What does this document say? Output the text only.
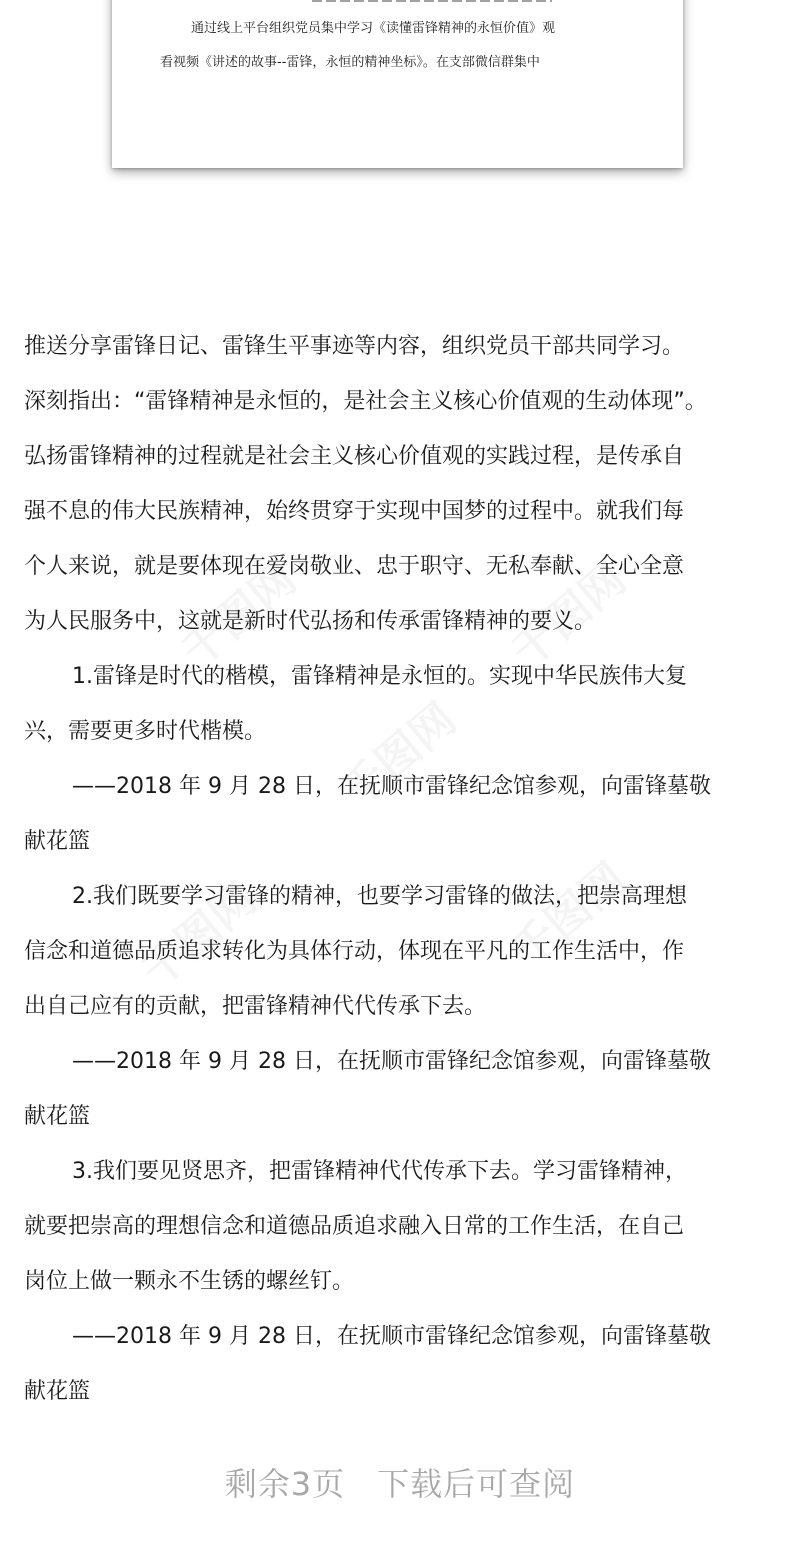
通过线上平台组织党员集中学习《读懂雷锋精神的永恒价值》观
看视频《讲述的故事--雷锋，永恒的精神坐标》。在支部微信群集中
推送分享雷锋日记、雷锋生平事迹等内容，组织党员干部共同学习。
深刻指出：“雷锋精神是永恒的，是社会主义核心价值观的生动体现”。
弘扬雷锋精神的过程就是社会主义核心价值观的实践过程，是传承自
强不息的伟大民族精神，始终贯穿于实现中国梦的过程中。就我们每
个人来说，就是要体现在爱岗敬业、忠于职守、无私奉献、全心全意
为人民服务中，这就是新时代弘扬和传承雷锋精神的要义。
1.雷锋是时代的楷模，雷锋精神是永恒的。实现中华民族伟大复
兴，需要更多时代楷模。
——2018 年 9 月 28 日，在抚顺市雷锋纪念馆参观，向雷锋墓敬
献花篮
2.我们既要学习雷锋的精神，也要学习雷锋的做法，把崇高理想
信念和道德品质追求转化为具体行动，体现在平凡的工作生活中，作
出自己应有的贡献，把雷锋精神代代传承下去。
——2018 年 9 月 28 日，在抚顺市雷锋纪念馆参观，向雷锋墓敬
献花篮
3.我们要见贤思齐，把雷锋精神代代传承下去。学习雷锋精神，
就要把崇高的理想信念和道德品质追求融入日常的工作生活，在自己
岗位上做一颗永不生锈的螺丝钉。
——2018 年 9 月 28 日，在抚顺市雷锋纪念馆参观，向雷锋墓敬
献花篮
剩余3页 下载后可查阅
